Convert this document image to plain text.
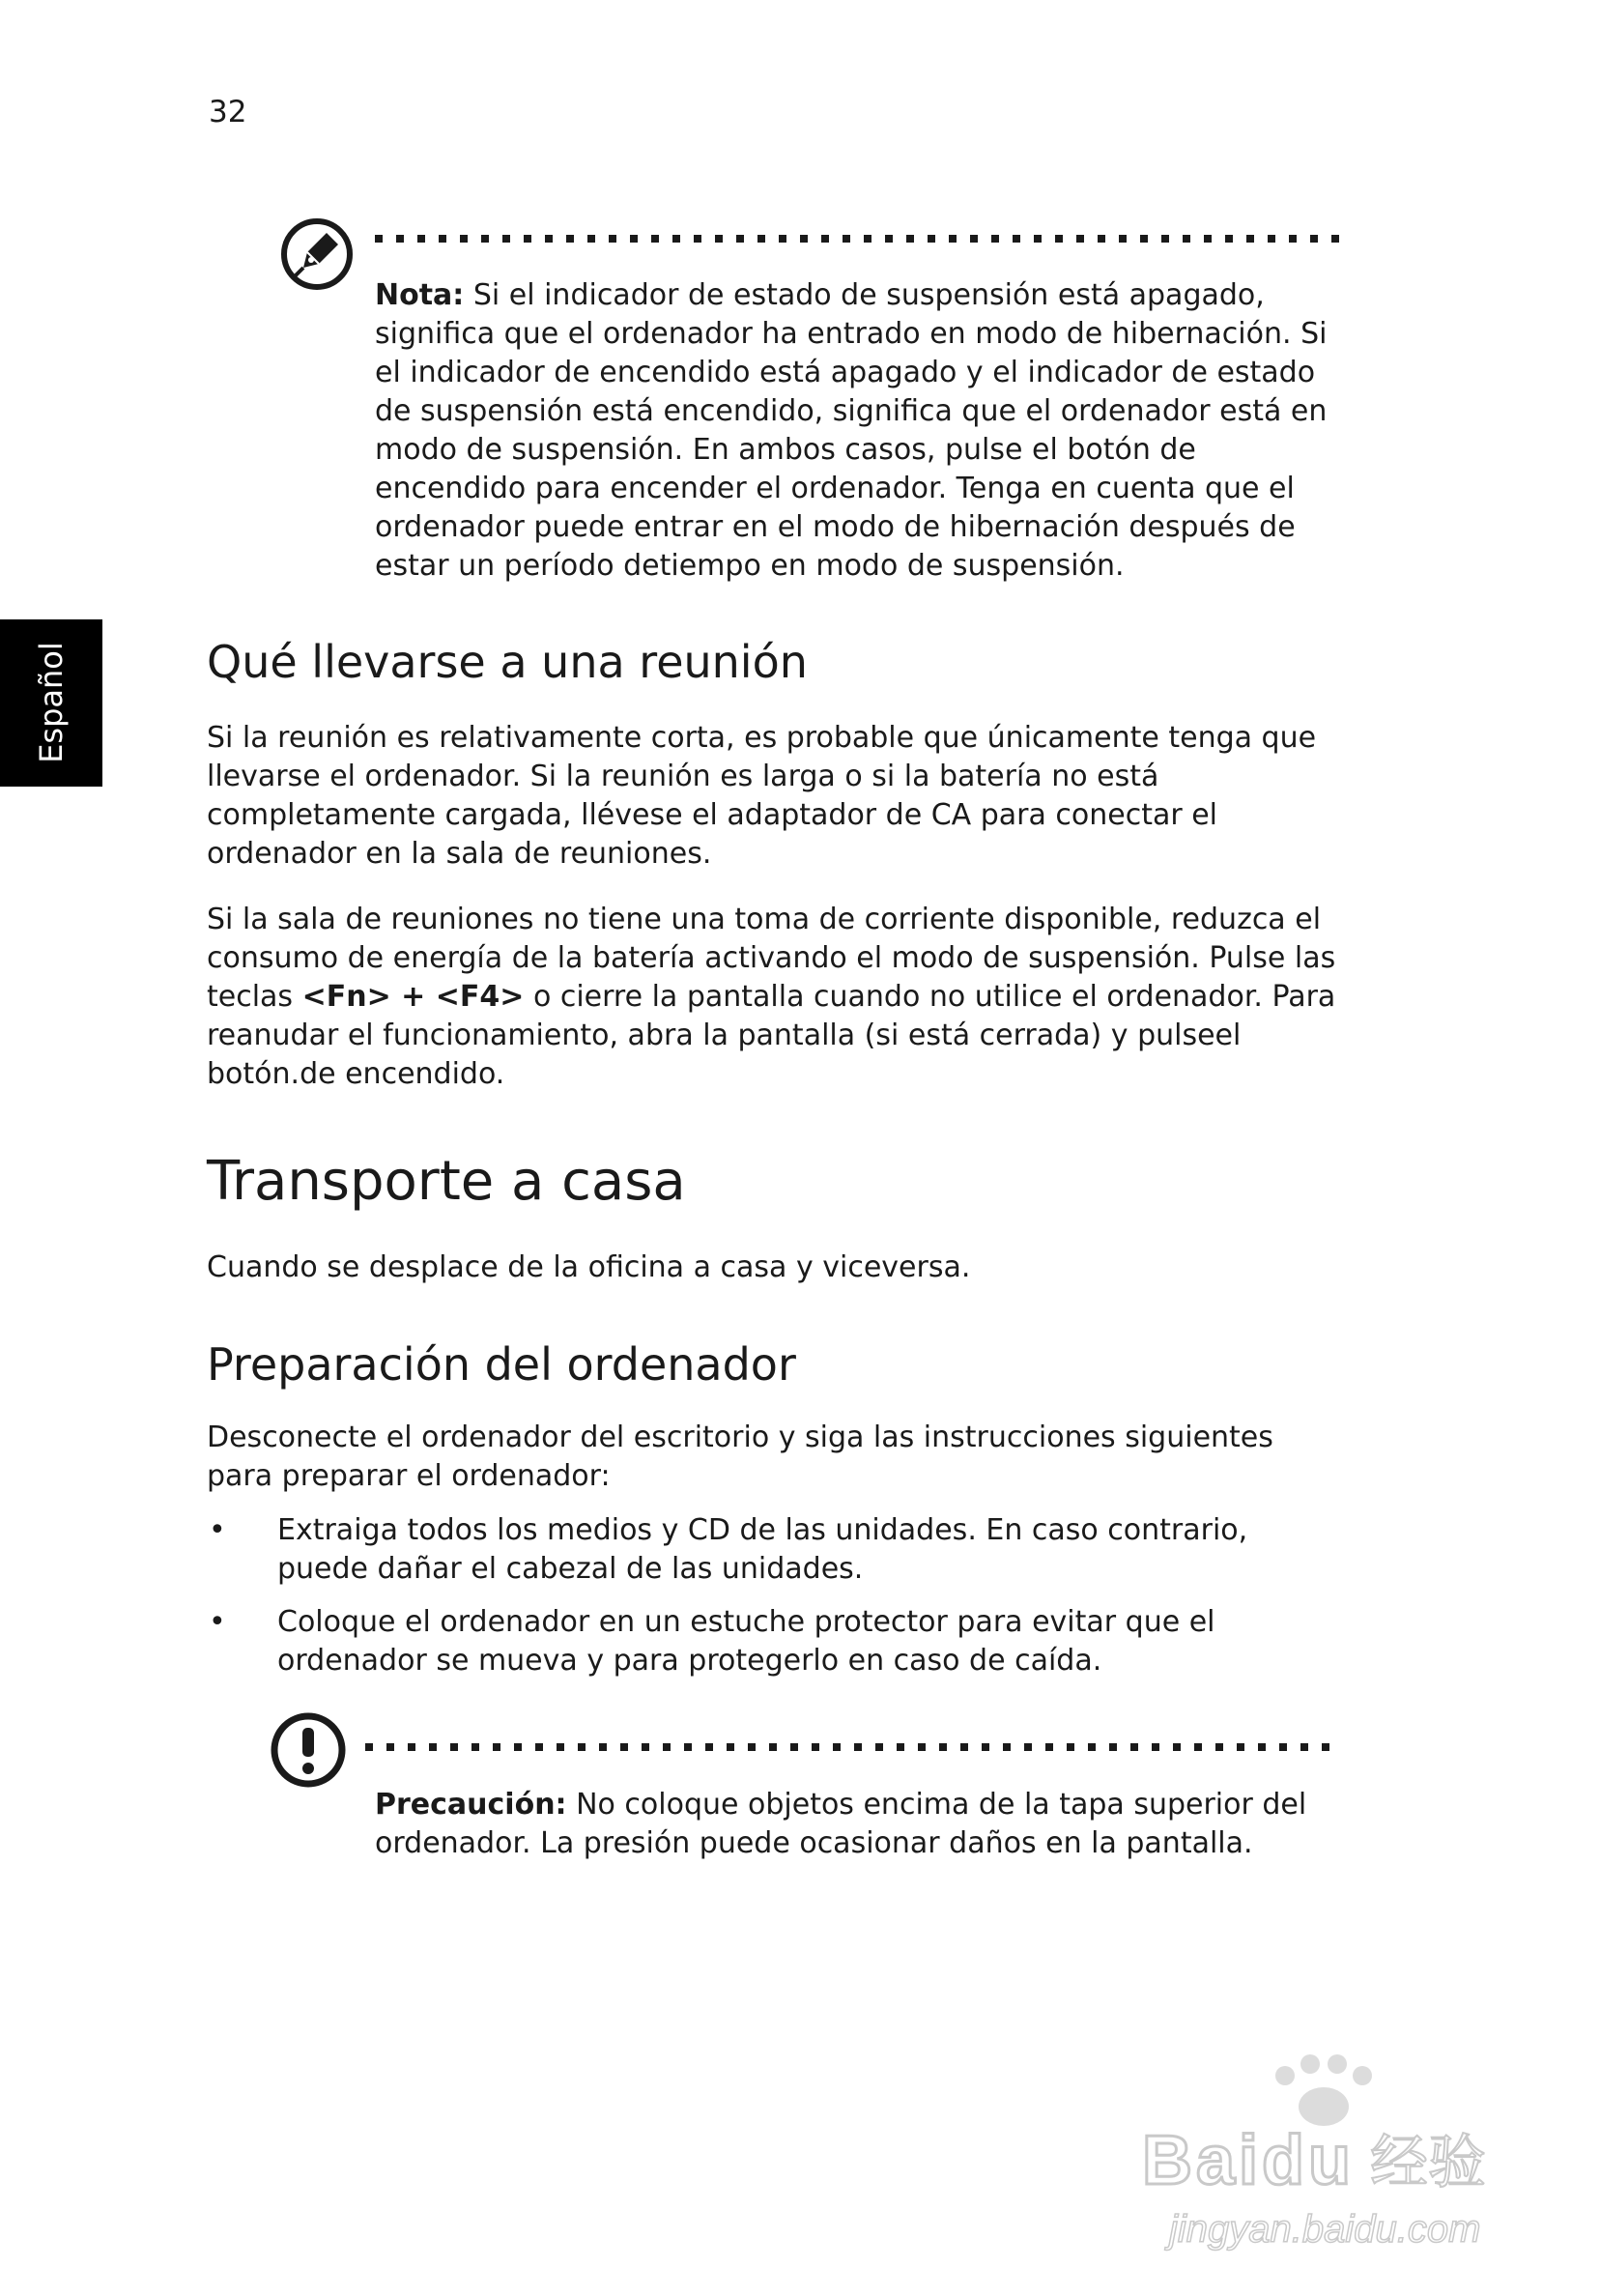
32
Español

Nota: Si el indicador de estado de suspensión está apagado, significa que el ordenador ha entrado en modo de hibernación. Si el indicador de encendido está apagado y el indicador de estado de suspensión está encendido, significa que el ordenador está en modo de suspensión. En ambos casos, pulse el botón de encendido para encender el ordenador. Tenga en cuenta que el ordenador puede entrar en el modo de hibernación después de estar un período detiempo en modo de suspensión.

Qué llevarse a una reunión

Si la reunión es relativamente corta, es probable que únicamente tenga que llevarse el ordenador. Si la reunión es larga o si la batería no está completamente cargada, llévese el adaptador de CA para conectar el ordenador en la sala de reuniones.

Si la sala de reuniones no tiene una toma de corriente disponible, reduzca el consumo de energía de la batería activando el modo de suspensión. Pulse las teclas <Fn> + <F4> o cierre la pantalla cuando no utilice el ordenador. Para reanudar el funcionamiento, abra la pantalla (si está cerrada) y pulseel botón.de encendido.

Transporte a casa

Cuando se desplace de la oficina a casa y viceversa.

Preparación del ordenador

Desconecte el ordenador del escritorio y siga las instrucciones siguientes para preparar el ordenador:

• Extraiga todos los medios y CD de las unidades. En caso contrario, puede dañar el cabezal de las unidades.

• Coloque el ordenador en un estuche protector para evitar que el ordenador se mueva y para protegerlo en caso de caída.

Precaución: No coloque objetos encima de la tapa superior del ordenador. La presión puede ocasionar daños en la pantalla.

Baidu 经验
jingyan.baidu.com
